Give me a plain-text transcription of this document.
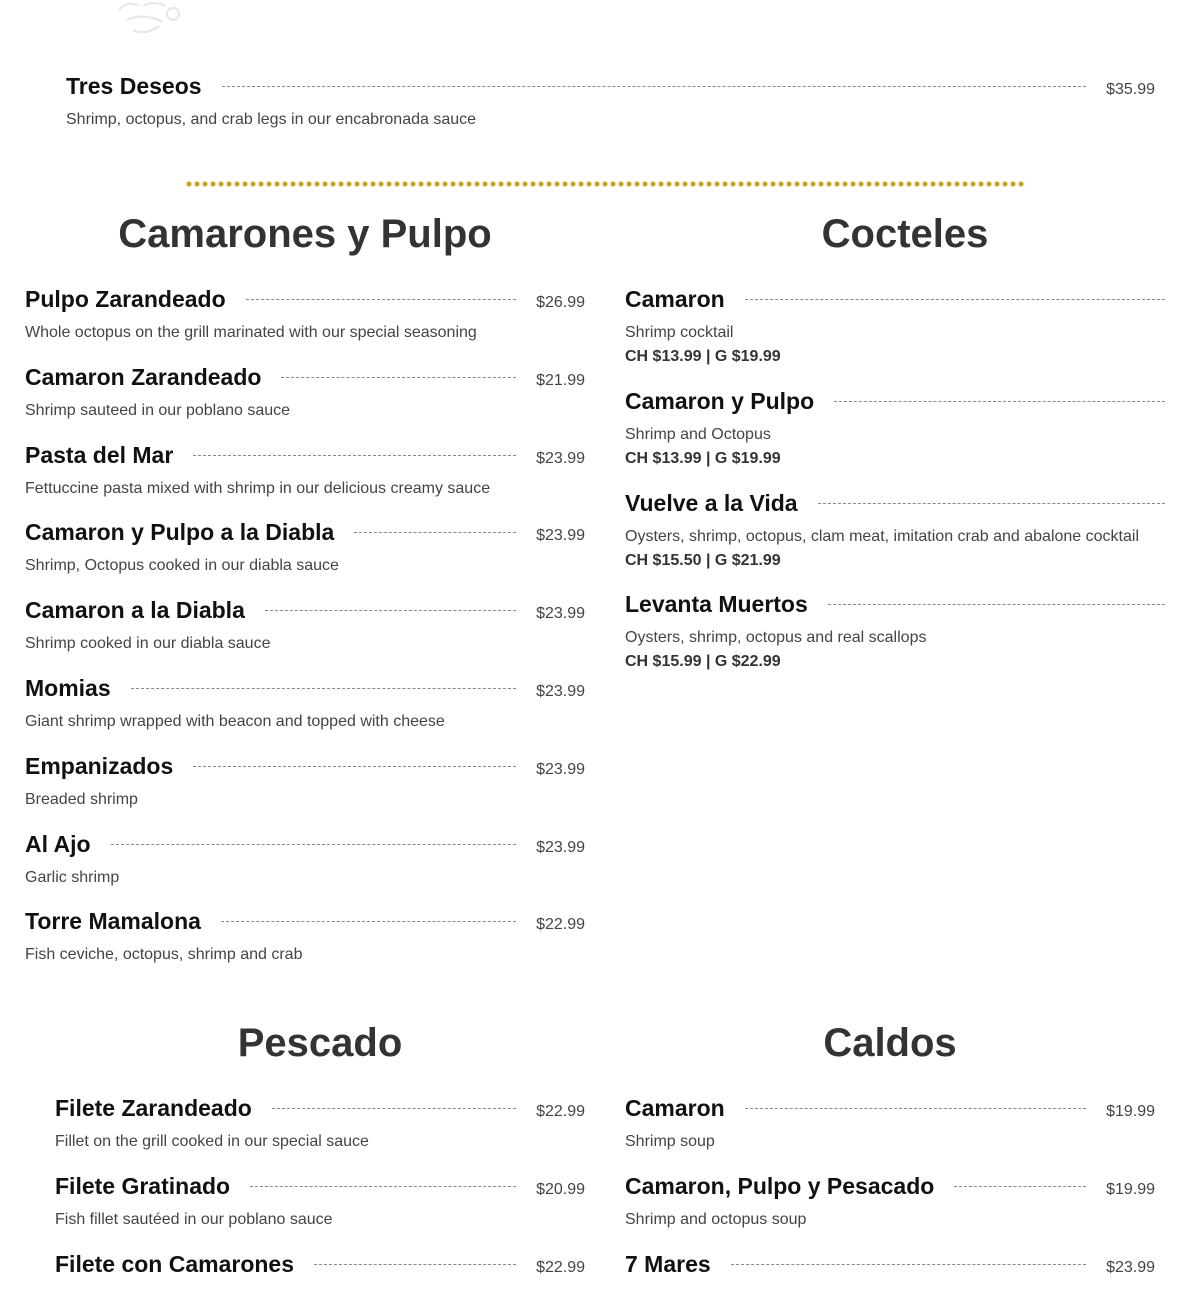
Tres Deseos	$35.99
Shrimp, octopus, and crab legs in our encabronada sauce
Camarones y Pulpo	Cocteles
Pescado	Caldos
Pulpo Zarandeado	$26.99
Whole octopus on the grill marinated with our special seasoning
Camaron Zarandeado	$21.99
Shrimp sauteed in our poblano sauce
Pasta del Mar	$23.99
Fettuccine pasta mixed with shrimp in our delicious creamy sauce
Camaron y Pulpo a la Diabla	$23.99
Shrimp, Octopus cooked in our diabla sauce
Camaron a la Diabla	$23.99
Shrimp cooked in our diabla sauce
Momias	$23.99
Giant shrimp wrapped with beacon and topped with cheese
Empanizados	$23.99
Breaded shrimp
Al Ajo	$23.99
Garlic shrimp
Torre Mamalona	$22.99
Fish ceviche, octopus, shrimp and crab
Camaron
Shrimp cocktail
CH $13.99 | G $19.99
Camaron y Pulpo
Shrimp and Octopus
CH $13.99 | G $19.99
Vuelve a la Vida
Oysters, shrimp, octopus, clam meat, imitation crab and abalone cocktail
CH $15.50 | G $21.99
Levanta Muertos
Oysters, shrimp, octopus and real scallops
CH $15.99 | G $22.99
Filete Zarandeado	$22.99
Fillet on the grill cooked in our special sauce
Filete Gratinado	$20.99
Fish fillet sautéed in our poblano sauce
Filete con Camarones	$22.99
Camaron	$19.99
Shrimp soup
Camaron, Pulpo y Pesacado	$19.99
Shrimp and octopus soup
7 Mares	$23.99
